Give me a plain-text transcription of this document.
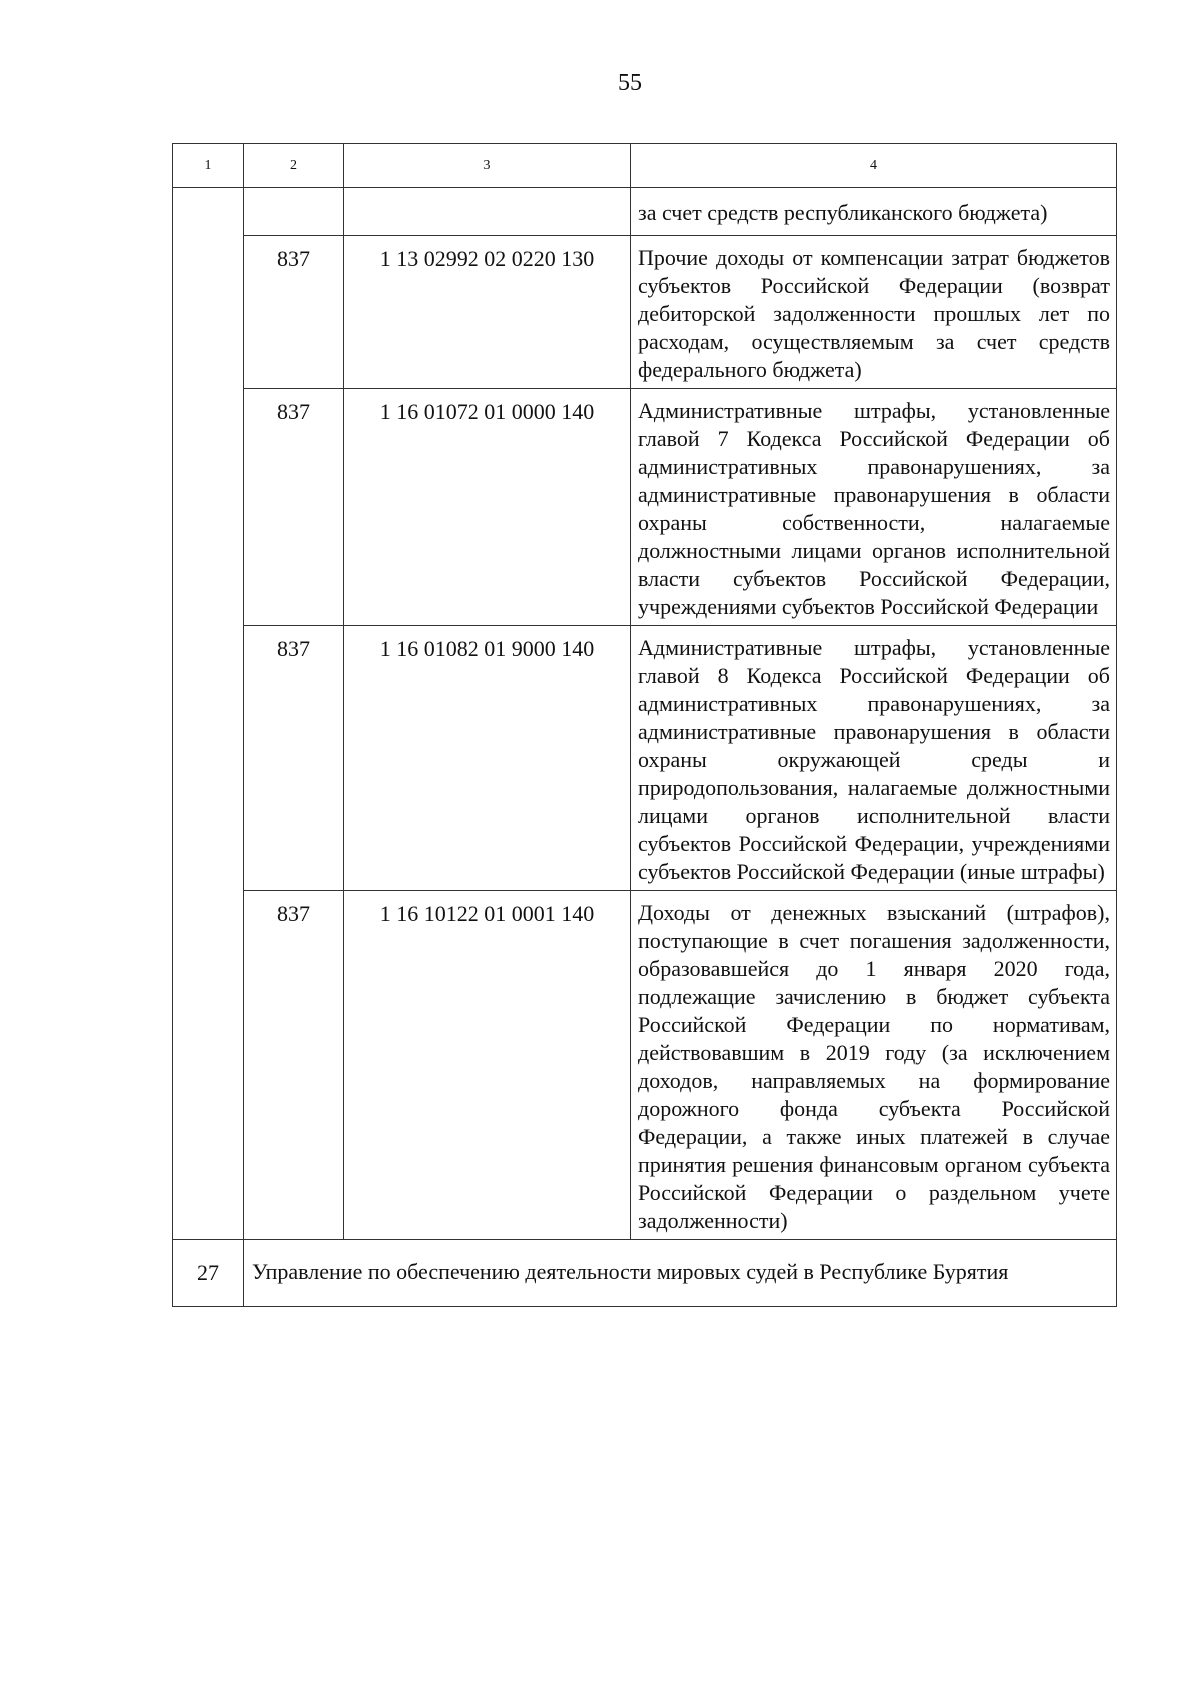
55
1	2	3	4
			за счет средств республиканского бюджета)
	837	1 13 02992 02 0220 130	Прочие доходы от компенсации затрат бюджетов субъектов Российской Федерации (возврат дебиторской задолженности прошлых лет по расходам, осуществляемым за счет средств федерального бюджета)
	837	1 16 01072 01 0000 140	Административные штрафы, установленные главой 7 Кодекса Российской Федерации об административных правонарушениях, за административные правонарушения в области охраны собственности, налагаемые должностными лицами органов исполнительной власти субъектов Российской Федерации, учреждениями субъектов Российской Федерации
	837	1 16 01082 01 9000 140	Административные штрафы, установленные главой 8 Кодекса Российской Федерации об административных правонарушениях, за административные правонарушения в области охраны окружающей среды и природопользования, налагаемые должностными лицами органов исполнительной власти субъектов Российской Федерации, учреждениями субъектов Российской Федерации (иные штрафы)
	837	1 16 10122 01 0001 140	Доходы от денежных взысканий (штрафов), поступающие в счет погашения задолженности, образовавшейся до 1 января 2020 года, подлежащие зачислению в бюджет субъекта Российской Федерации по нормативам, действовавшим в 2019 году (за исключением доходов, направляемых на формирование дорожного фонда субъекта Российской Федерации, а также иных платежей в случае принятия решения финансовым органом субъекта Российской Федерации о раздельном учете задолженности)
27	Управление по обеспечению деятельности мировых судей в Республике Бурятия		
